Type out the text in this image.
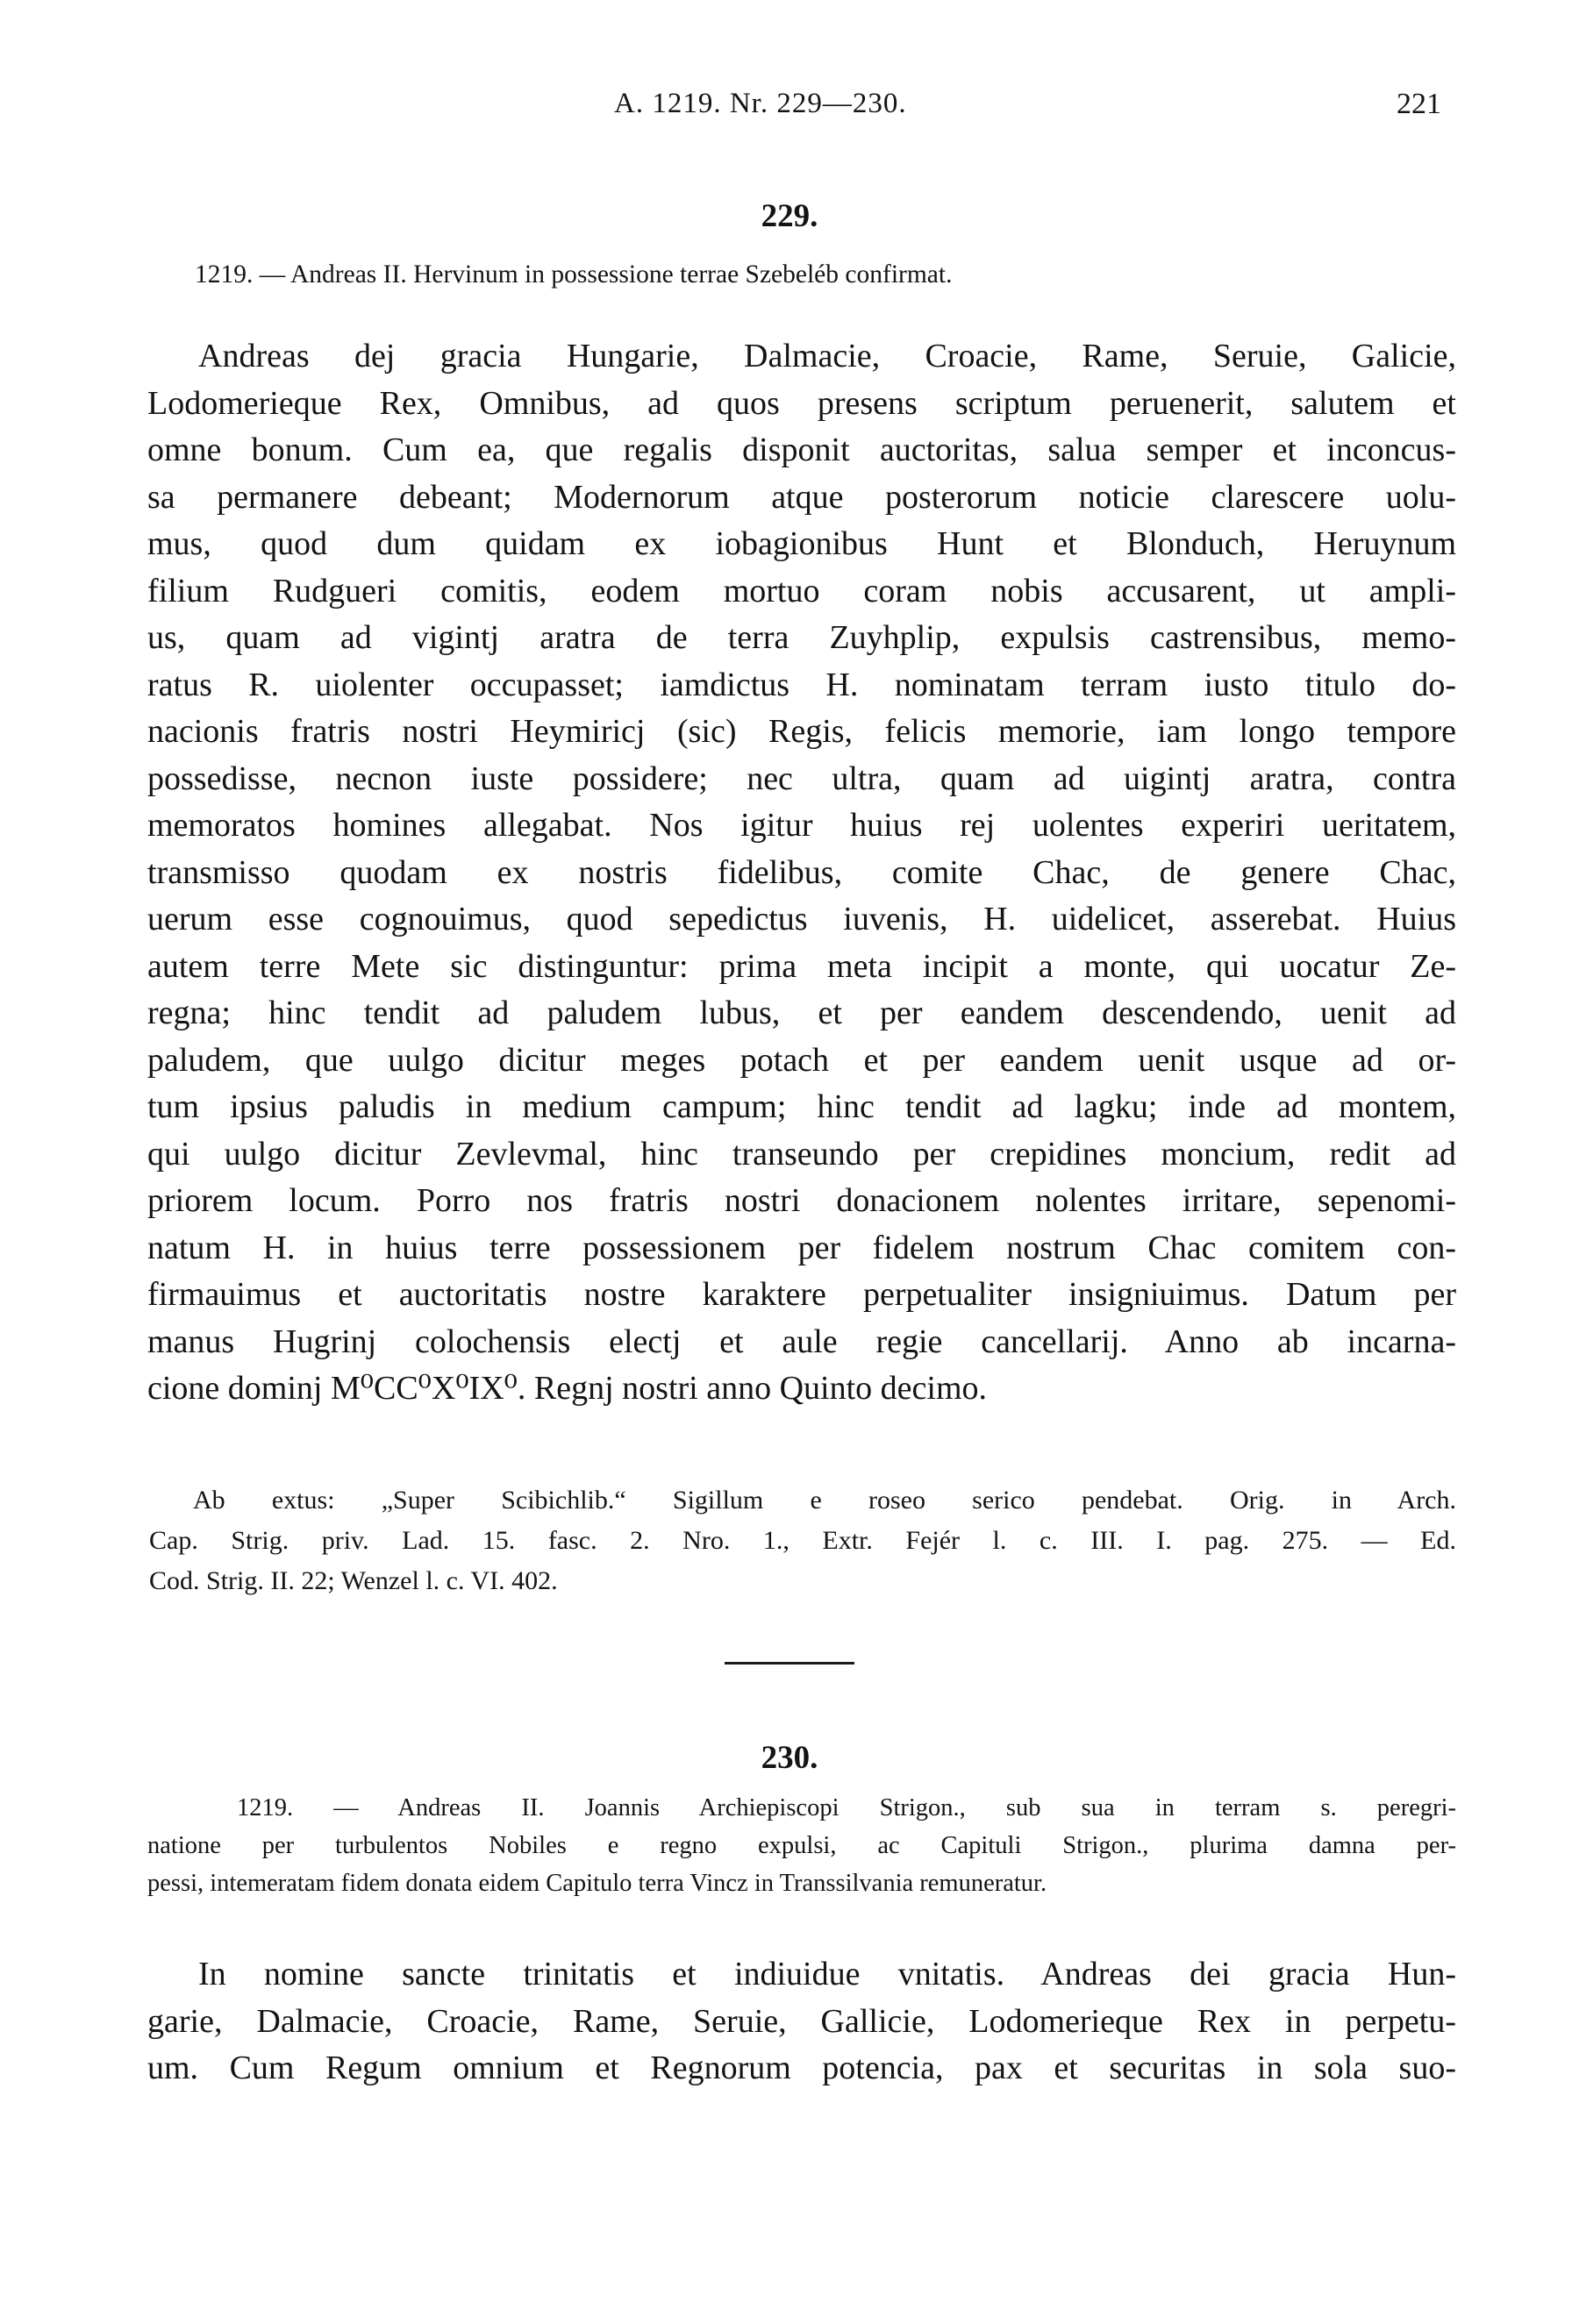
A. 1219. Nr. 229—230.	221
229.
1219. — Andreas II. Hervinum in possessione terrae Szebeléb confirmat.
Andreas dej gracia Hungarie, Dalmacie, Croacie, Rame, Seruie, Galicie,
Lodomerieque Rex, Omnibus, ad quos presens scriptum peruenerit, salutem et
omne bonum. Cum ea, que regalis disponit auctoritas, salua semper et inconcus-
sa permanere debeant; Modernorum atque posterorum noticie clarescere uolu-
mus, quod dum quidam ex iobagionibus Hunt et Blonduch, Heruynum
filium Rudgueri comitis, eodem mortuo coram nobis accusarent, ut ampli-
us, quam ad vigintj aratra de terra Zuyhplip, expulsis castrensibus, memo-
ratus R. uiolenter occupasset; iamdictus H. nominatam terram iusto titulo do-
nacionis fratris nostri Heymiricj (sic) Regis, felicis memorie, iam longo tempore
possedisse, necnon iuste possidere; nec ultra, quam ad uigintj aratra, contra
memoratos homines allegabat. Nos igitur huius rej uolentes experiri ueritatem,
transmisso quodam ex nostris fidelibus, comite Chac, de genere Chac,
uerum esse cognouimus, quod sepedictus iuvenis, H. uidelicet, asserebat. Huius
autem terre Mete sic distinguntur: prima meta incipit a monte, qui uocatur Ze-
regna; hinc tendit ad paludem lubus, et per eandem descendendo, uenit ad
paludem, que uulgo dicitur meges potach et per eandem uenit usque ad or-
tum ipsius paludis in medium campum; hinc tendit ad lagku; inde ad montem,
qui uulgo dicitur Zevlevmal, hinc transeundo per crepidines moncium, redit ad
priorem locum. Porro nos fratris nostri donacionem nolentes irritare, sepenomi-
natum H. in huius terre possessionem per fidelem nostrum Chac comitem con-
firmauimus et auctoritatis nostre karaktere perpetualiter insigniuimus. Datum per
manus Hugrinj colochensis electj et aule regie cancellarij. Anno ab incarna-
cione dominj M⁰CC⁰X⁰IX⁰. Regnj nostri anno Quinto decimo.
Ab extus: „Super Scibichlib.“ Sigillum e roseo serico pendebat. Orig. in Arch.
Cap. Strig. priv. Lad. 15. fasc. 2. Nro. 1., Extr. Fejér l. c. III. I. pag. 275. — Ed.
Cod. Strig. II. 22; Wenzel l. c. VI. 402.
230.
1219. — Andreas II. Joannis Archiepiscopi Strigon., sub sua in terram s. peregri-
natione per turbulentos Nobiles e regno expulsi, ac Capituli Strigon., plurima damna per-
pessi, intemeratam fidem donata eidem Capitulo terra Vincz in Transsilvania remuneratur.
In nomine sancte trinitatis et indiuidue vnitatis. Andreas dei gracia Hun-
garie, Dalmacie, Croacie, Rame, Seruie, Gallicie, Lodomerieque Rex in perpetu-
um. Cum Regum omnium et Regnorum potencia, pax et securitas in sola suo-
